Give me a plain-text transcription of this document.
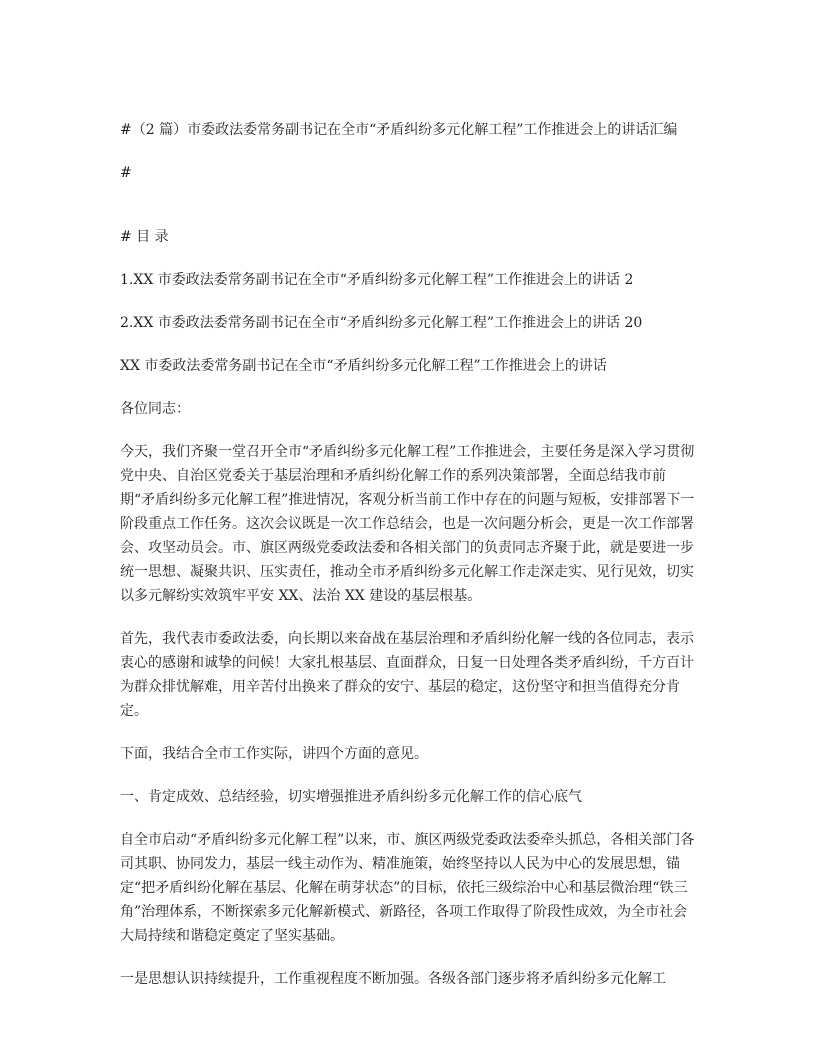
#（2 篇）市委政法委常务副书记在全市“矛盾纠纷多元化解工程”工作推进会上的讲话汇编

#

# 目 录

1.XX 市委政法委常务副书记在全市“矛盾纠纷多元化解工程”工作推进会上的讲话 2

2.XX 市委政法委常务副书记在全市“矛盾纠纷多元化解工程”工作推进会上的讲话 20

XX 市委政法委常务副书记在全市“矛盾纠纷多元化解工程”工作推进会上的讲话

各位同志：

今天，我们齐聚一堂召开全市“矛盾纠纷多元化解工程”工作推进会，主要任务是深入学习贯彻党中央、自治区党委关于基层治理和矛盾纠纷化解工作的系列决策部署，全面总结我市前期“矛盾纠纷多元化解工程”推进情况，客观分析当前工作中存在的问题与短板，安排部署下一阶段重点工作任务。这次会议既是一次工作总结会，也是一次问题分析会，更是一次工作部署会、攻坚动员会。市、旗区两级党委政法委和各相关部门的负责同志齐聚于此，就是要进一步统一思想、凝聚共识、压实责任，推动全市矛盾纠纷多元化解工作走深走实、见行见效，切实以多元解纷实效筑牢平安 XX、法治 XX 建设的基层根基。

首先，我代表市委政法委，向长期以来奋战在基层治理和矛盾纠纷化解一线的各位同志，表示衷心的感谢和诚挚的问候！大家扎根基层、直面群众，日复一日处理各类矛盾纠纷，千方百计为群众排忧解难，用辛苦付出换来了群众的安宁、基层的稳定，这份坚守和担当值得充分肯定。

下面，我结合全市工作实际，讲四个方面的意见。

一、肯定成效、总结经验，切实增强推进矛盾纠纷多元化解工作的信心底气

自全市启动“矛盾纠纷多元化解工程”以来，市、旗区两级党委政法委牵头抓总，各相关部门各司其职、协同发力，基层一线主动作为、精准施策，始终坚持以人民为中心的发展思想，锚定“把矛盾纠纷化解在基层、化解在萌芽状态”的目标，依托三级综治中心和基层微治理“铁三角”治理体系，不断探索多元化解新模式、新路径，各项工作取得了阶段性成效，为全市社会大局持续和谐稳定奠定了坚实基础。

一是思想认识持续提升，工作重视程度不断加强。各级各部门逐步将矛盾纠纷多元化解工
